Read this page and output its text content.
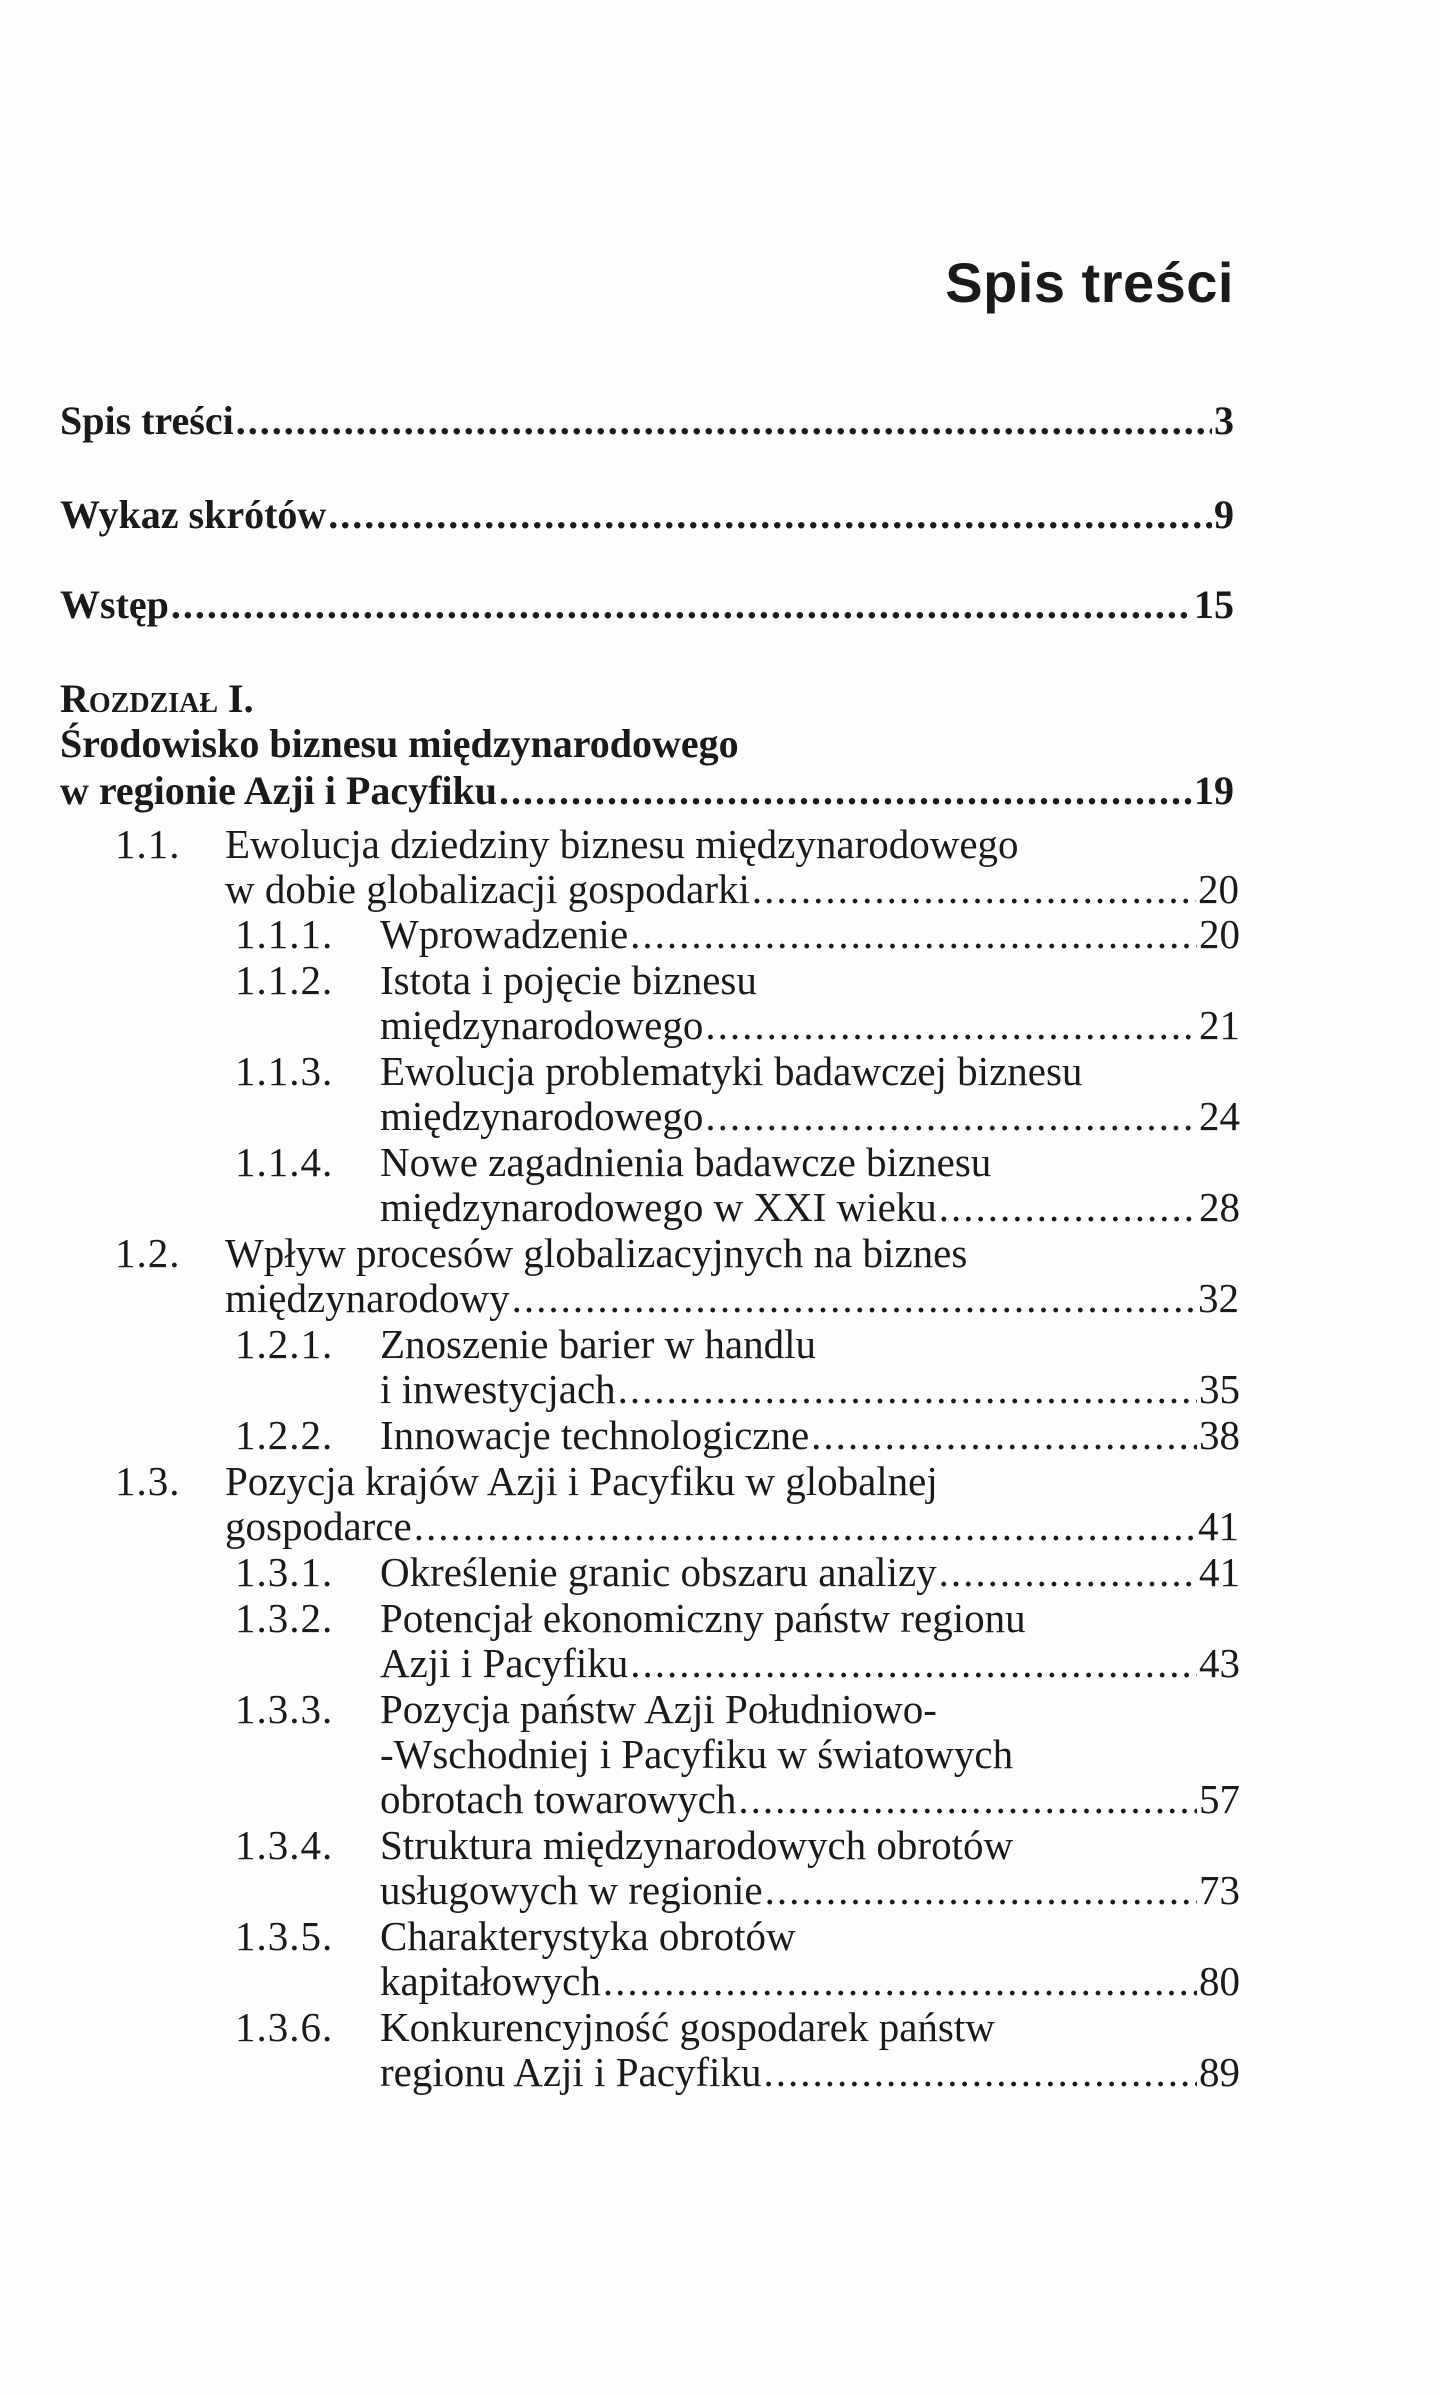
Spis treści
Spis treści .....	3
Wykaz skrótów .....	9
Wstęp .....	15
Rozdział I.
Środowisko biznesu międzynarodowego
w regionie Azji i Pacyfiku .....	19
1.1. Ewolucja dziedziny biznesu międzynarodowego
w dobie globalizacji gospodarki .....	20
1.1.1. Wprowadzenie .....	20
1.1.2. Istota i pojęcie biznesu
międzynarodowego .....	21
1.1.3. Ewolucja problematyki badawczej biznesu
międzynarodowego .....	24
1.1.4. Nowe zagadnienia badawcze biznesu
międzynarodowego w XXI wieku .....	28
1.2. Wpływ procesów globalizacyjnych na biznes
międzynarodowy .....	32
1.2.1. Znoszenie barier w handlu
i inwestycjach .....	35
1.2.2. Innowacje technologiczne .....	38
1.3. Pozycja krajów Azji i Pacyfiku w globalnej
gospodarce .....	41
1.3.1. Określenie granic obszaru analizy .....	41
1.3.2. Potencjał ekonomiczny państw regionu
Azji i Pacyfiku .....	43
1.3.3. Pozycja państw Azji Południowo-
-Wschodniej i Pacyfiku w światowych
obrotach towarowych .....	57
1.3.4. Struktura międzynarodowych obrotów
usługowych w regionie .....	73
1.3.5. Charakterystyka obrotów
kapitałowych .....	80
1.3.6. Konkurencyjność gospodarek państw
regionu Azji i Pacyfiku .....	89
